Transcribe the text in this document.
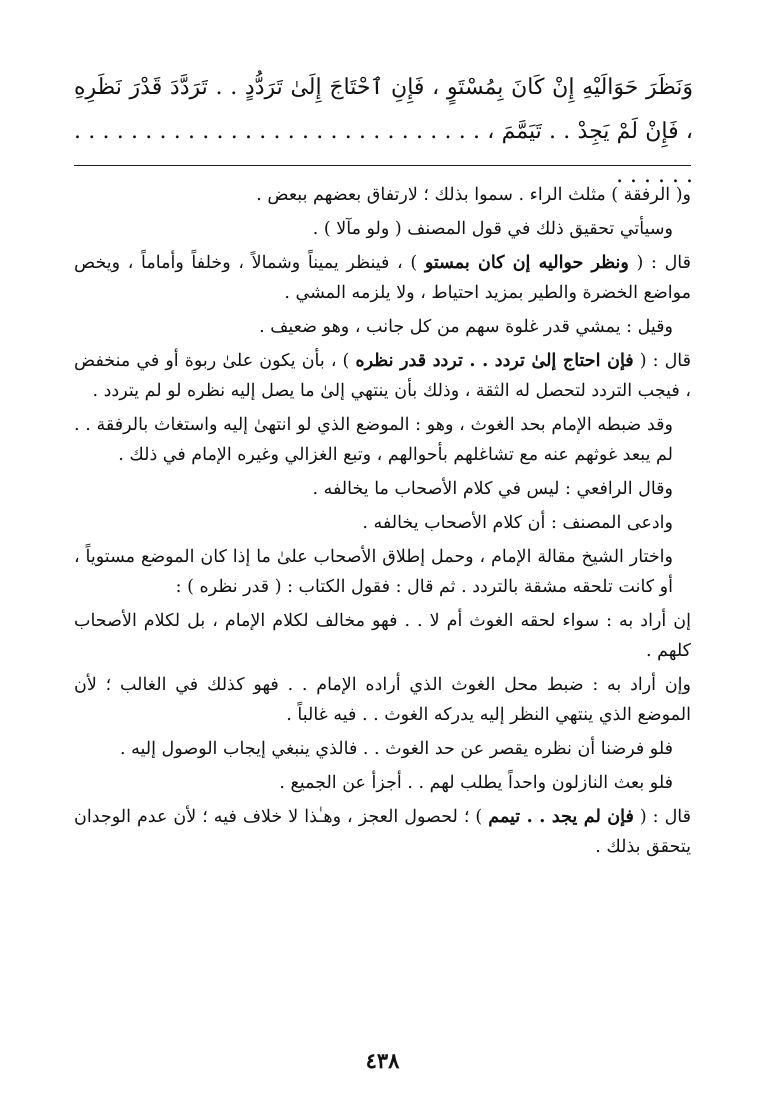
وَنَظَرَ حَوَالَيْهِ إِنْ كَانَ بِمُسْتَوٍ ، فَإِنِ ٱحْتَاجَ إِلَىٰ تَرَدُّدٍ . . تَرَدَّدَ قَدْرَ نَظَرِهِ ، فَإِنْ لَمْ يَجِدْ . . تَيَمَّمَ ، . . . . . . . . . . . . . . . . . . . . . . . . . . . . . . . . . . .

و( الرفقة ) مثلث الراء . سموا بذلك ؛ لارتفاق بعضهم ببعض .

وسيأتي تحقيق ذلك في قول المصنف ( ولو مآلا ) .

قال : ( ونظر حواليه إن كان بمستو ) ، فينظر يميناً وشمالاً ، وخلفاً وأماماً ، ويخص مواضع الخضرة والطير بمزيد احتياط ، ولا يلزمه المشي .

وقيل : يمشي قدر غلوة سهم من كل جانب ، وهو ضعيف .

قال : ( فإن احتاج إلىٰ تردد . . تردد قدر نظره ) ، بأن يكون علىٰ ربوة أو في منخفض ، فيجب التردد لتحصل له الثقة ، وذلك بأن ينتهي إلىٰ ما يصل إليه نظره لو لم يتردد .

وقد ضبطه الإمام بحد الغوث ، وهو : الموضع الذي لو انتهىٰ إليه واستغاث بالرفقة . . لم يبعد غوثهم عنه مع تشاغلهم بأحوالهم ، وتبع الغزالي وغيره الإمام في ذلك .

وقال الرافعي : ليس في كلام الأصحاب ما يخالفه .

وادعى المصنف : أن كلام الأصحاب يخالفه .

واختار الشيخ مقالة الإمام ، وحمل إطلاق الأصحاب علىٰ ما إذا كان الموضع مستوياً ، أو كانت تلحقه مشقة بالتردد . ثم قال : فقول الكتاب : ( قدر نظره ) :

إن أراد به : سواء لحقه الغوث أم لا . . فهو مخالف لكلام الإمام ، بل لكلام الأصحاب كلهم .

وإن أراد به : ضبط محل الغوث الذي أراده الإمام . . فهو كذلك في الغالب ؛ لأن الموضع الذي ينتهي النظر إليه يدركه الغوث . . فيه غالباً .

فلو فرضنا أن نظره يقصر عن حد الغوث . . فالذي ينبغي إيجاب الوصول إليه .

فلو بعث النازلون واحداً يطلب لهم . . أجزأ عن الجميع .

قال : ( فإن لم يجد . . تيمم ) ؛ لحصول العجز ، وهـٰذا لا خلاف فيه ؛ لأن عدم الوجدان يتحقق بذلك .

٤٣٨
